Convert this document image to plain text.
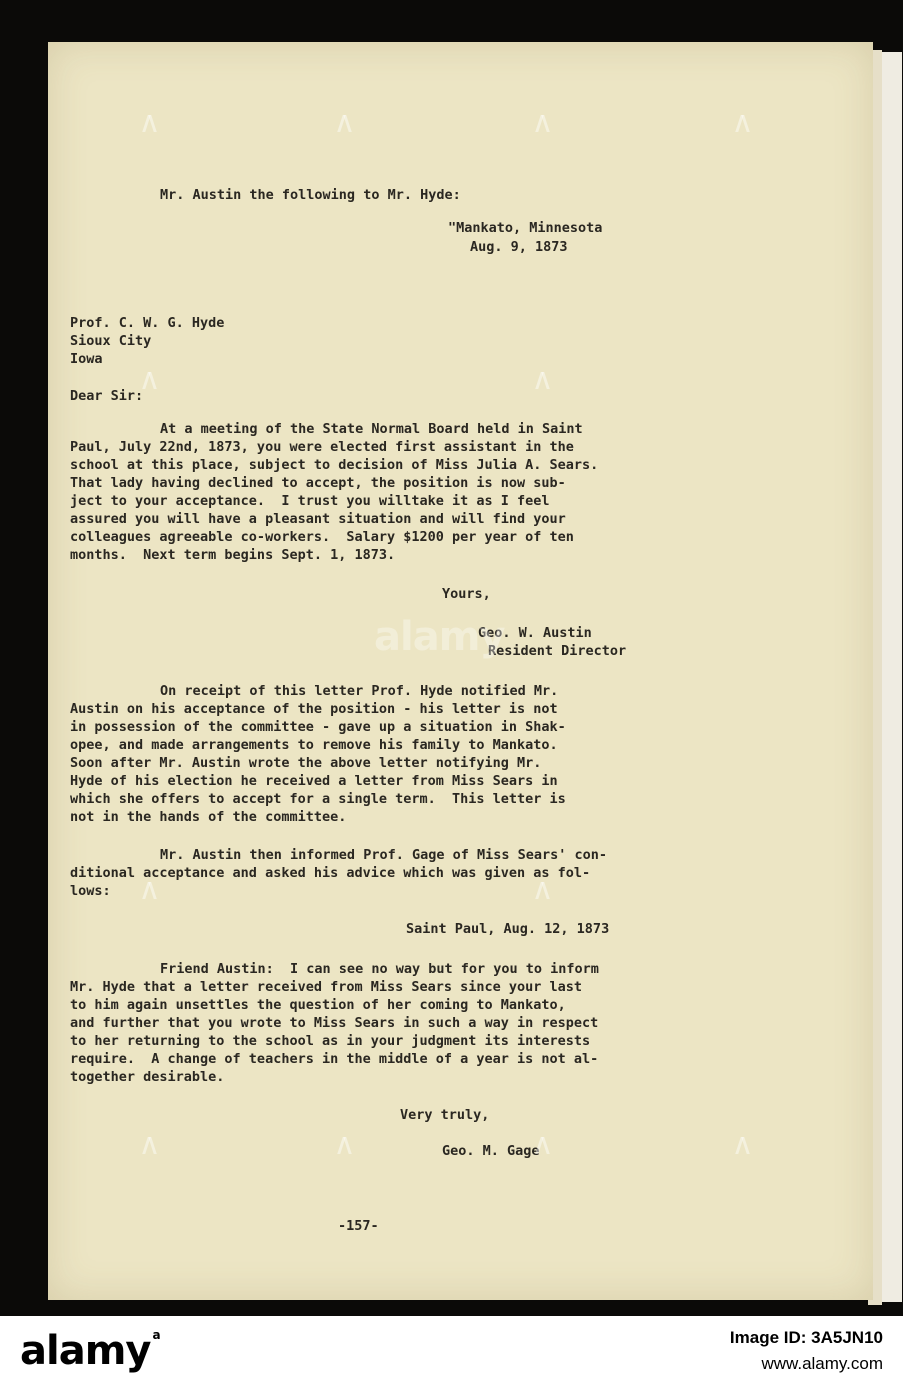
Mr. Austin the following to Mr. Hyde:
"Mankato, Minnesota
Aug. 9, 1873
Prof. C. W. G. Hyde
Sioux City
Iowa
Dear Sir:
At a meeting of the State Normal Board held in Saint
Paul, July 22nd, 1873, you were elected first assistant in the
school at this place, subject to decision of Miss Julia A. Sears.
That lady having declined to accept, the position is now sub-
ject to your acceptance.  I trust you willtake it as I feel
assured you will have a pleasant situation and will find your
colleagues agreeable co-workers.  Salary $1200 per year of ten
months.  Next term begins Sept. 1, 1873.
Yours,
Geo. W. Austin
Resident Director
On receipt of this letter Prof. Hyde notified Mr.
Austin on his acceptance of the position - his letter is not
in possession of the committee - gave up a situation in Shak-
opee, and made arrangements to remove his family to Mankato.
Soon after Mr. Austin wrote the above letter notifying Mr.
Hyde of his election he received a letter from Miss Sears in
which she offers to accept for a single term.  This letter is
not in the hands of the committee.
Mr. Austin then informed Prof. Gage of Miss Sears' con-
ditional acceptance and asked his advice which was given as fol-
lows:
Saint Paul, Aug. 12, 1873
Friend Austin:  I can see no way but for you to inform
Mr. Hyde that a letter received from Miss Sears since your last
to him again unsettles the question of her coming to Mankato,
and further that you wrote to Miss Sears in such a way in respect
to her returning to the school as in your judgment its interests
require.  A change of teachers in the middle of a year is not al-
together desirable.
Very truly,
Geo. M. Gage
-157-
alamy
alamy $^a$	Image ID: 3A5JN10
www.alamy.com
